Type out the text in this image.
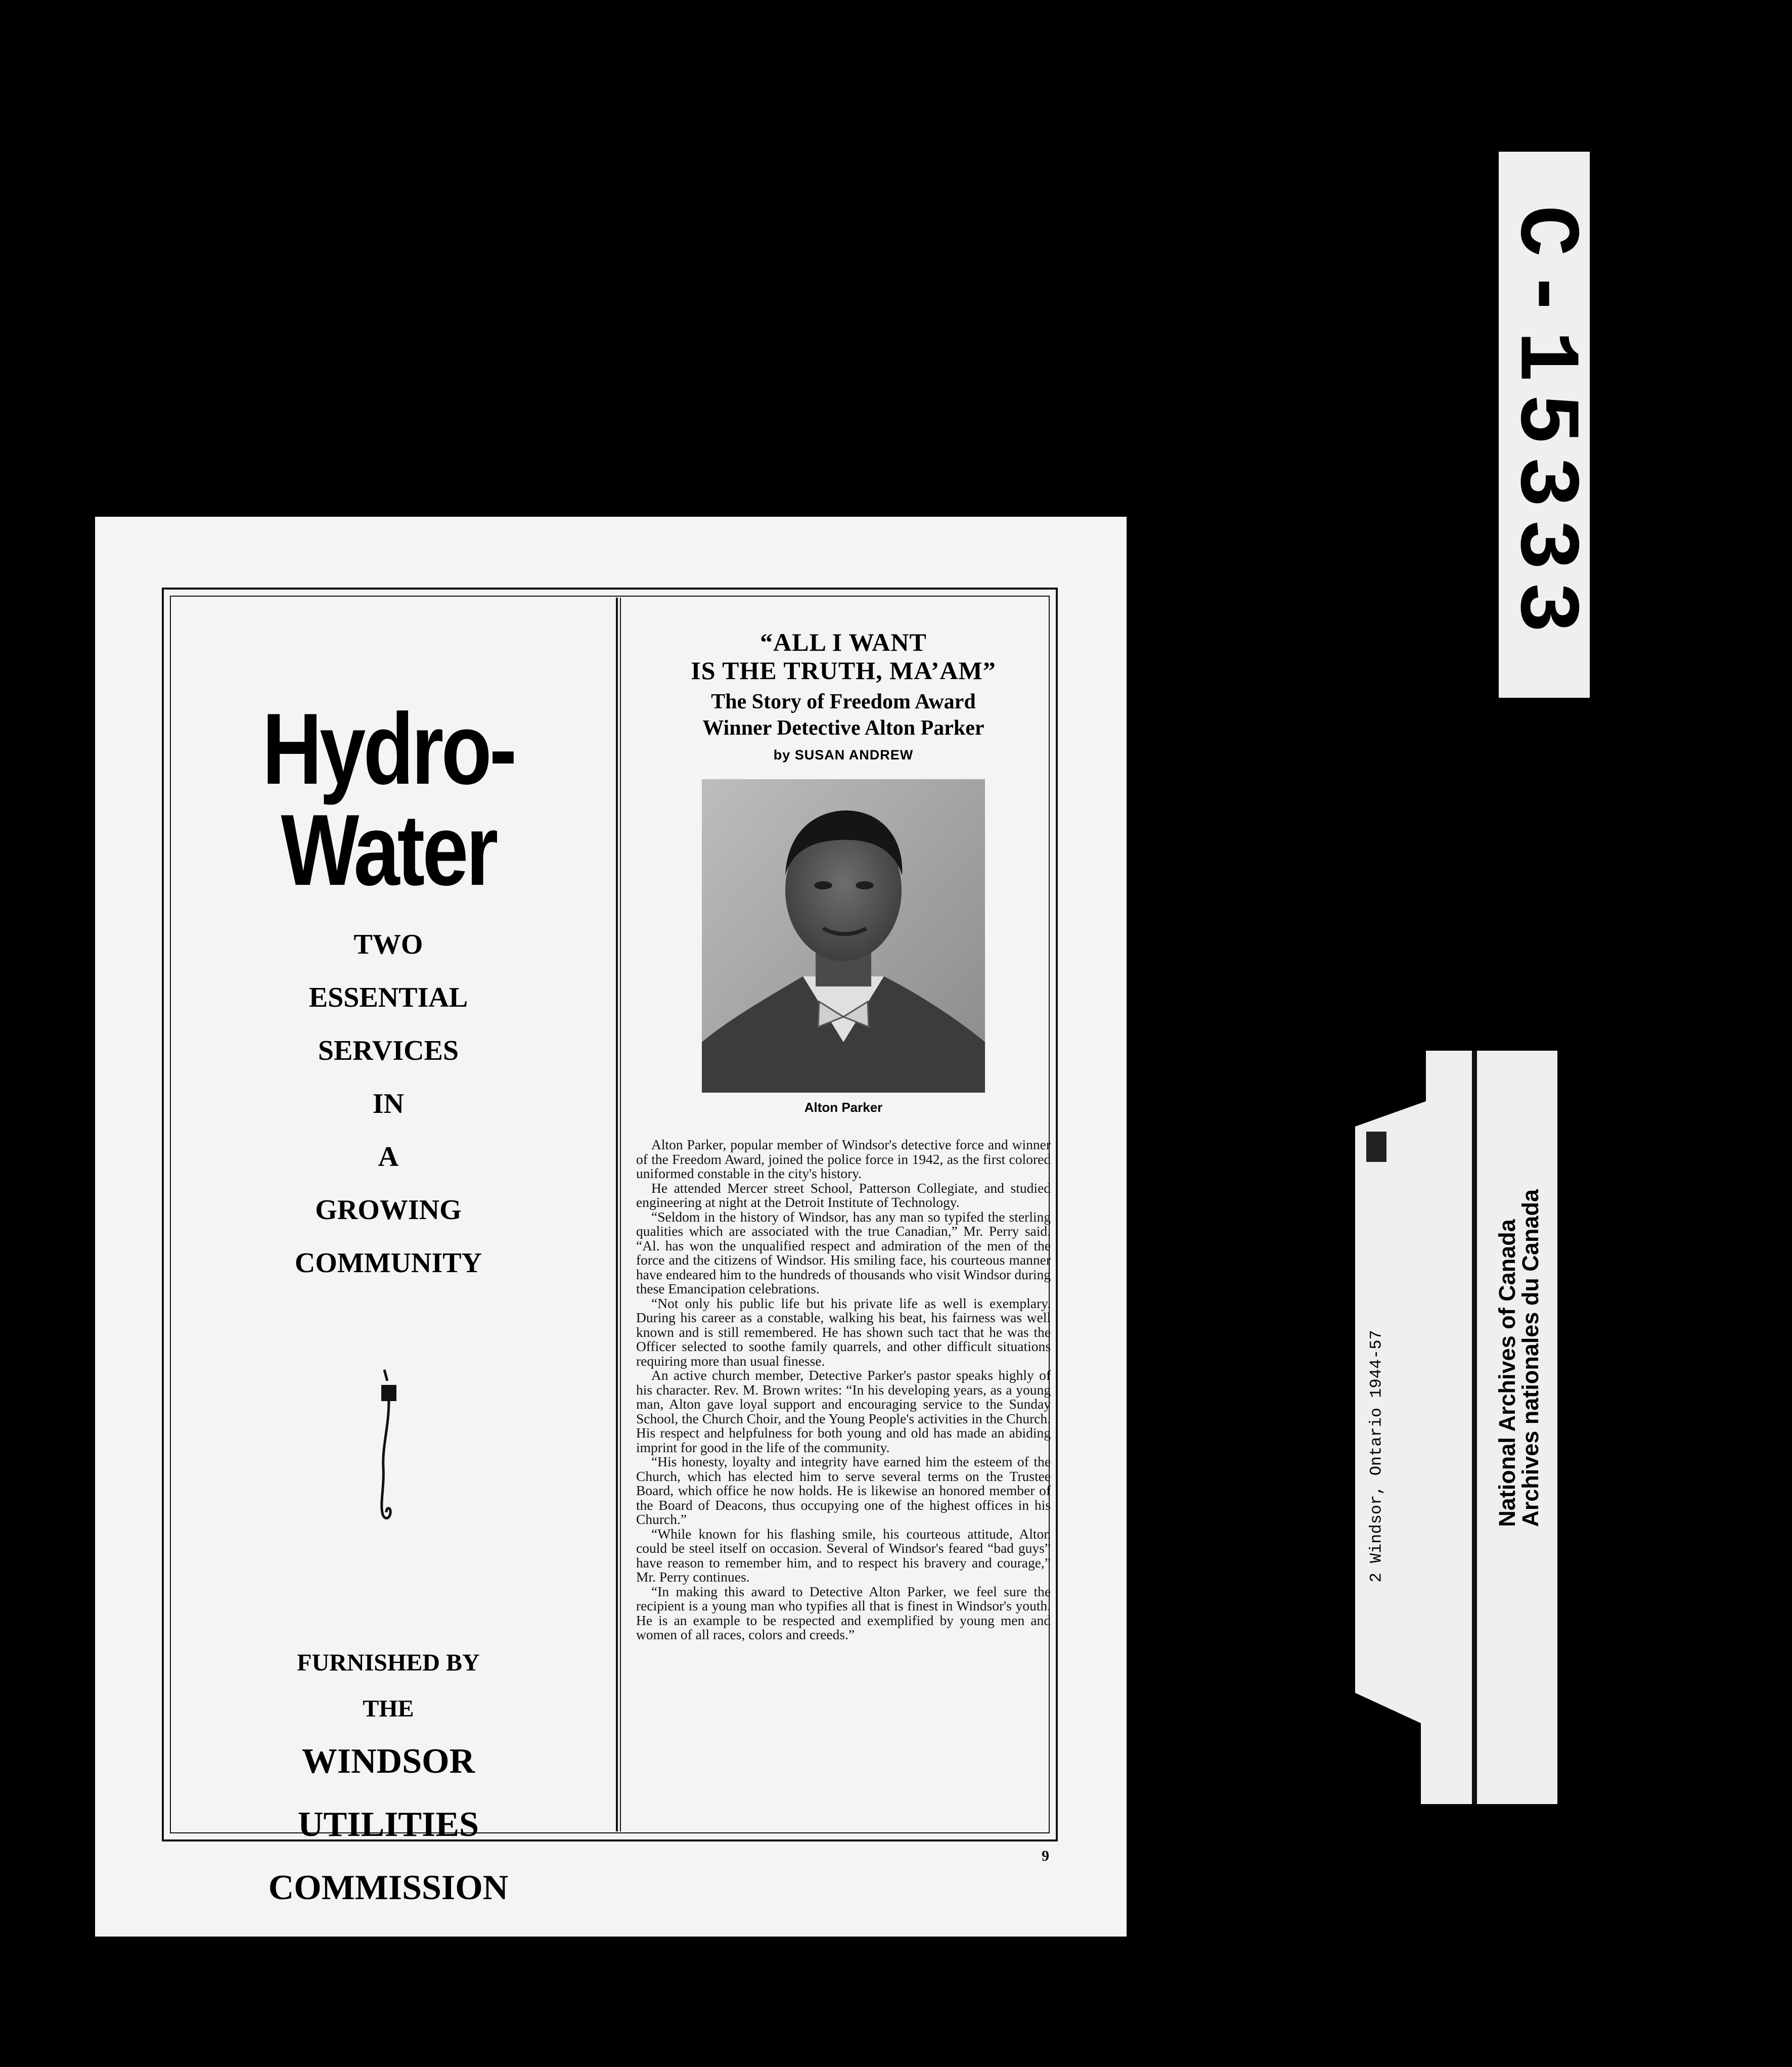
Hydro-Water
TWO
ESSENTIAL
SERVICES
IN
A
GROWING
COMMUNITY
FURNISHED BY
THE
WINDSOR
UTILITIES
COMMISSION
“ALL I WANT
IS THE TRUTH, MA’AM”
The Story of Freedom Award
Winner Detective Alton Parker
by SUSAN ANDREW
Alton Parker

Alton Parker, popular member of Windsor's detective force and winner of the Freedom Award, joined the police force in 1942, as the first colored uniformed constable in the city's history.

He attended Mercer street School, Patterson Collegiate, and studied engineering at night at the Detroit Institute of Technology.

“Seldom in the history of Windsor, has any man so typifed the sterling qualities which are associated with the true Canadian,” Mr. Perry said. “Al. has won the unqualified respect and admiration of the men of the force and the citizens of Windsor. His smiling face, his courteous manner have endeared him to the hundreds of thousands who visit Windsor during these Emancipation celebrations.

“Not only his public life but his private life as well is exemplary. During his career as a constable, walking his beat, his fairness was well known and is still remembered. He has shown such tact that he was the Officer selected to soothe family quarrels, and other difficult situations requiring more than usual finesse.

An active church member, Detective Parker's pastor speaks highly of his character. Rev. M. Brown writes: “In his developing years, as a young man, Alton gave loyal support and encouraging service to the Sunday School, the Church Choir, and the Young People's activities in the Church. His respect and helpfulness for both young and old has made an abiding imprint for good in the life of the community.

“His honesty, loyalty and integrity have earned him the esteem of the Church, which has elected him to serve several terms on the Trustee Board, which office he now holds. He is likewise an honored member of the Board of Deacons, thus occupying one of the highest offices in his Church.”

“While known for his flashing smile, his courteous attitude, Alton could be steel itself on occasion. Several of Windsor's feared “bad guys” have reason to remember him, and to respect his bravery and courage,” Mr. Perry continues.

“In making this award to Detective Alton Parker, we feel sure the recipient is a young man who typifies all that is finest in Windsor's youth. He is an example to be respected and exemplified by young men and women of all races, colors and creeds.”

9
C-15333
2 Windsor, Ontario 1944-57	National Archives of Canada
Archives nationales du Canada
